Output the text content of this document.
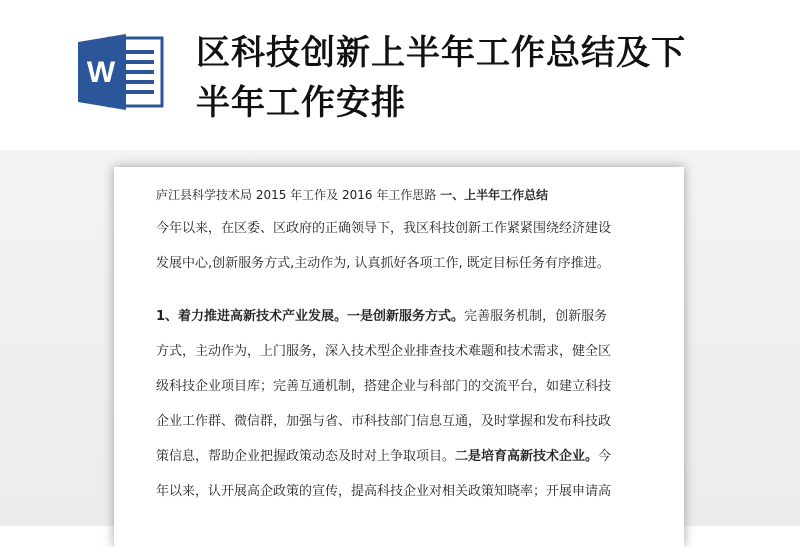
W 区科技创新上半年工作总结及下
半年工作安排
庐江县科学技术局 2015 年工作及 2016 年工作思路 一、上半年工作总结
今年以来，在区委、区政府的正确领导下，我区科技创新工作紧紧围绕经济建设
发展中心,创新服务方式,主动作为, 认真抓好各项工作, 既定目标任务有序推进。
1、着力推进高新技术产业发展。一是创新服务方式。完善服务机制，创新服务
方式，主动作为，上门服务，深入技术型企业排查技术难题和技术需求，健全区
级科技企业项目库；完善互通机制，搭建企业与科部门的交流平台，如建立科技
企业工作群、微信群，加强与省、市科技部门信息互通，及时掌握和发布科技政
策信息，帮助企业把握政策动态及时对上争取项目。二是培育高新技术企业。今
年以来，认开展高企政策的宣传，提高科技企业对相关政策知晓率；开展申请高
